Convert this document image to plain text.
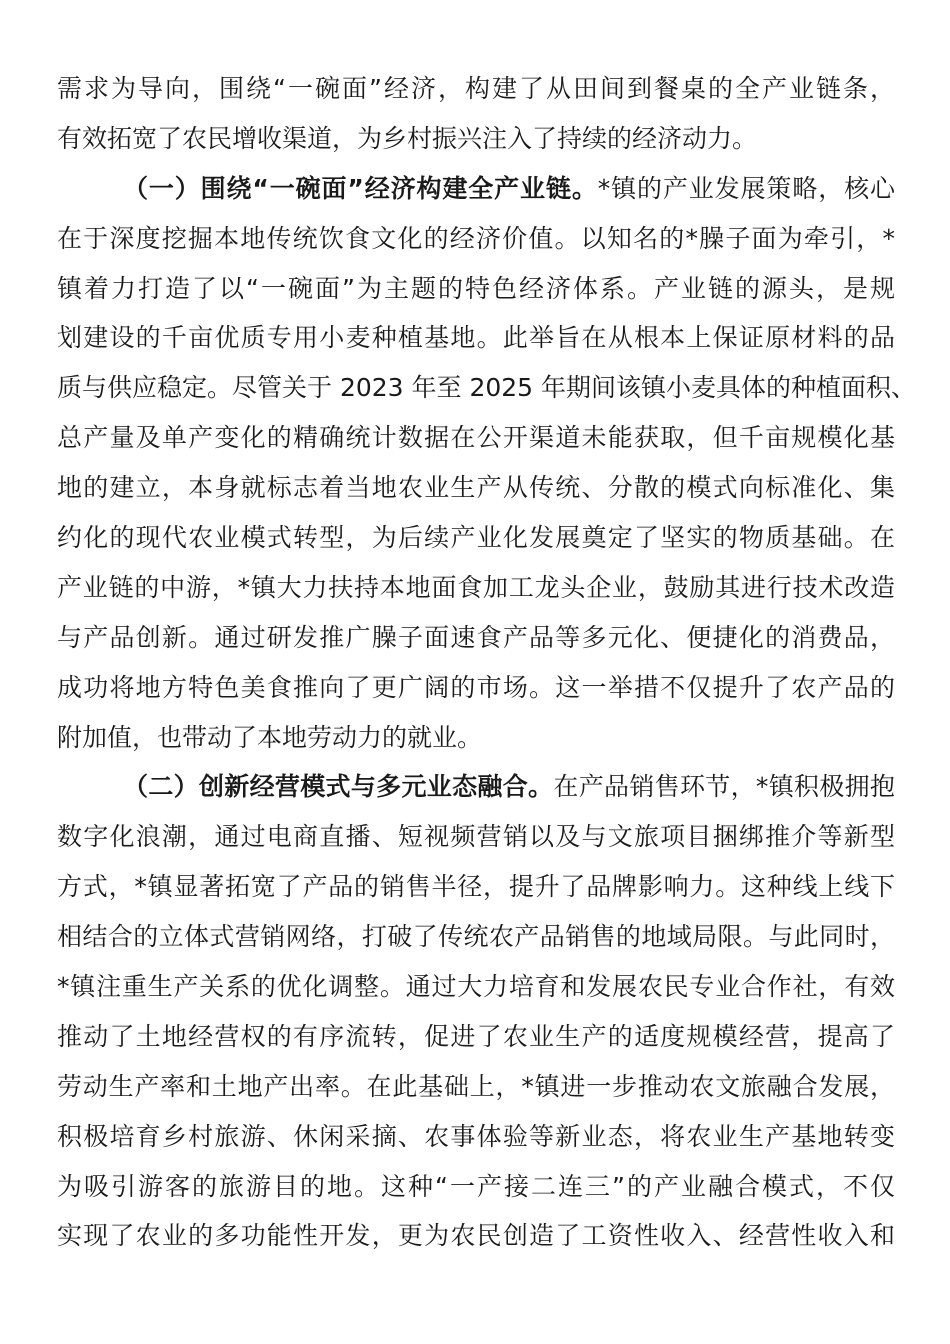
需求为导向，围绕“一碗面”经济，构建了从田间到餐桌的全产业链条，
有效拓宽了农民增收渠道，为乡村振兴注入了持续的经济动力。
（一）围绕“一碗面”经济构建全产业链。*镇的产业发展策略，核心
在于深度挖掘本地传统饮食文化的经济价值。以知名的*臊子面为牵引，*
镇着力打造了以“一碗面”为主题的特色经济体系。产业链的源头，是规
划建设的千亩优质专用小麦种植基地。此举旨在从根本上保证原材料的品
质与供应稳定。尽管关于 2023 年至 2025 年期间该镇小麦具体的种植面积、
总产量及单产变化的精确统计数据在公开渠道未能获取，但千亩规模化基
地的建立，本身就标志着当地农业生产从传统、分散的模式向标准化、集
约化的现代农业模式转型，为后续产业化发展奠定了坚实的物质基础。在
产业链的中游，*镇大力扶持本地面食加工龙头企业，鼓励其进行技术改造
与产品创新。通过研发推广臊子面速食产品等多元化、便捷化的消费品，
成功将地方特色美食推向了更广阔的市场。这一举措不仅提升了农产品的
附加值，也带动了本地劳动力的就业。
（二）创新经营模式与多元业态融合。在产品销售环节，*镇积极拥抱
数字化浪潮，通过电商直播、短视频营销以及与文旅项目捆绑推介等新型
方式，*镇显著拓宽了产品的销售半径，提升了品牌影响力。这种线上线下
相结合的立体式营销网络，打破了传统农产品销售的地域局限。与此同时，
*镇注重生产关系的优化调整。通过大力培育和发展农民专业合作社，有效
推动了土地经营权的有序流转，促进了农业生产的适度规模经营，提高了
劳动生产率和土地产出率。在此基础上，*镇进一步推动农文旅融合发展，
积极培育乡村旅游、休闲采摘、农事体验等新业态，将农业生产基地转变
为吸引游客的旅游目的地。这种“一产接二连三”的产业融合模式，不仅
实现了农业的多功能性开发，更为农民创造了工资性收入、经营性收入和
